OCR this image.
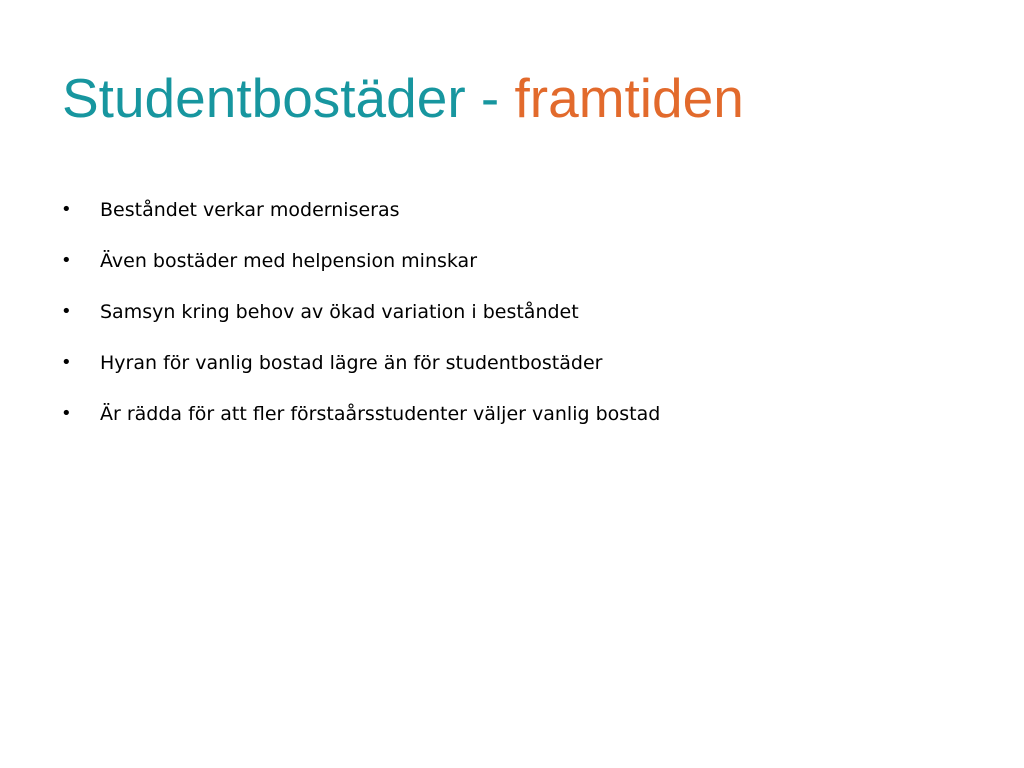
Studentbostäder - framtiden
• Beståndet verkar moderniseras
• Även bostäder med helpension minskar
• Samsyn kring behov av ökad variation i beståndet
• Hyran för vanlig bostad lägre än för studentbostäder
• Är rädda för att fler förstaårsstudenter väljer vanlig bostad
